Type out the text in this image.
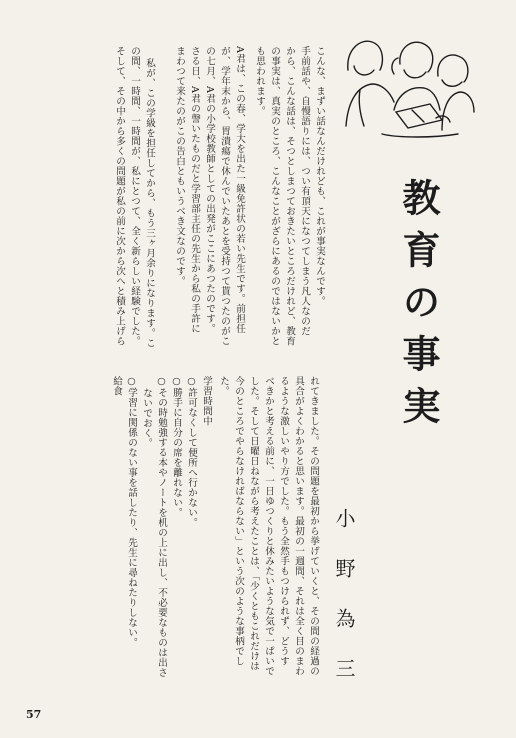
教育の事実
小野為三
こんな、まずい話なんだけれども、これが事実なんです。
手前話や、自慢語りには、つい有頂天になつてしまう凡人なのだ
から、こんな話は、そつとしまつておきたいところだけれど、教育
の事実は、真実のところ、こんなことがざらにあるのではないかと
も思われます。
A君は、この春、学大を出た一級免許状の若い先生です。前担任
が、学年末から、胃潰瘍で休んでいたあとを受持つて貰つたのがこ
の七月、A君の小学校教師としての出発がここにあつたのです。
さる日、A君の謦いたものだと学習部主任の先生から私の手許に
まわつて来たのがこの告白ともいうべき文なのです。
私が、この学級を担任してから、もう三ヶ月余りになります。こ
の間、一時間、一時間が、私にとつて、全く新らしい経験でした。
そして、その中から多くの問題が私の前に次から次へと積み上げら
れてきました。その問題を最初から挙げていくと、その間の経過の
具合がよくわかると思います。最初の一週間、それは全く目のまわ
るような激しいやり方でした。もう全然手もつけられず、どうす
べきかと考える前に、一日ゆつくりと休みたいような気で一ぱいで
した。そして日曜日ねながら考えたことは、「少くともこれだけは
今のところでやらなければならない」という次のような事柄でし
た。
学習時間中
○許可なくして便所へ行かない。
○勝手に自分の席を離れない。
○その時勉強する本やノートを机の上に出し、不必要なものは出さ
ないでおく。
○学習に関係のない事を話したり、先生に尋ねたりしない。
給食
57
